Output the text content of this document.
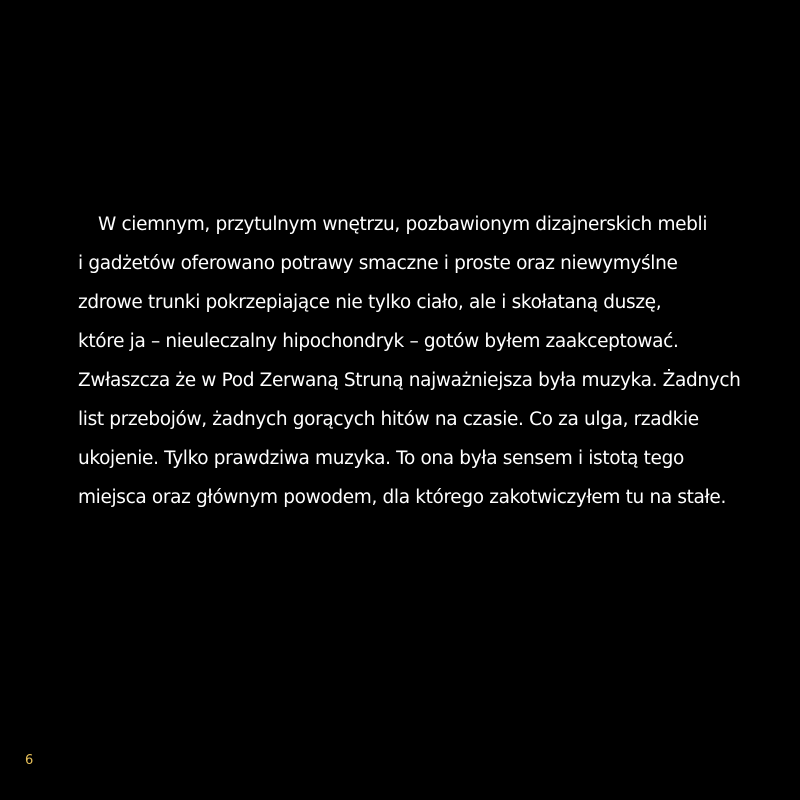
W ciemnym, przytulnym wnętrzu, pozbawionym dizajnerskich mebli
i gadżetów oferowano potrawy smaczne i proste oraz niewymyślne
zdrowe trunki pokrzepiające nie tylko ciało, ale i skołataną duszę,
które ja – nieuleczalny hipochondryk – gotów byłem zaakceptować.
Zwłaszcza że w Pod Zerwaną Struną najważniejsza była muzyka. Żadnych
list przebojów, żadnych gorących hitów na czasie. Co za ulga, rzadkie
ukojenie. Tylko prawdziwa muzyka. To ona była sensem i istotą tego
miejsca oraz głównym powodem, dla którego zakotwiczyłem tu na stałe.
6
